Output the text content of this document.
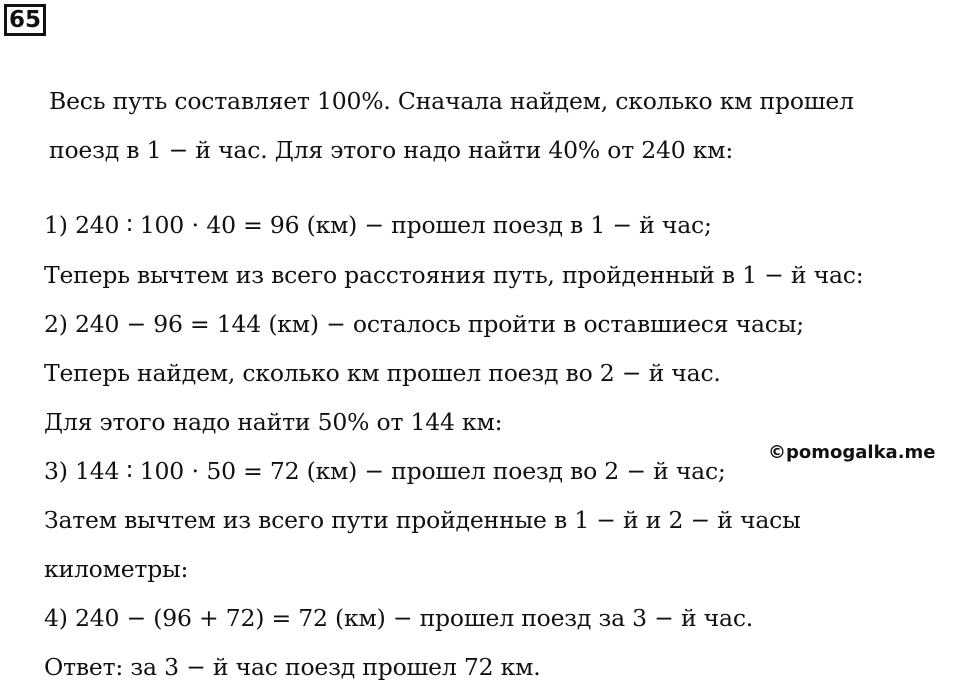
65
Весь путь составляет 100%. Сначала найдем, сколько км прошел
поезд в 1 − й час. Для этого надо найти 40% от 240 км:
1) 240 ∶ 100 ⋅ 40 = 96 (км) − прошел поезд в 1 − й час;
Теперь вычтем из всего расстояния путь, пройденный в 1 − й час:
2) 240 − 96 = 144 (км) − осталось пройти в оставшиеся часы;
Теперь найдем, сколько км прошел поезд во 2 − й час.
Для этого надо найти 50% от 144 км:
3) 144 ∶ 100 ⋅ 50 = 72 (км) − прошел поезд во 2 − й час;
Затем вычтем из всего пути пройденные в 1 − й и 2 − й часы
километры:
4) 240 − (96 + 72) = 72 (км) − прошел поезд за 3 − й час.
Ответ: за 3 − й час поезд прошел 72 км.
©pomogalka.me
